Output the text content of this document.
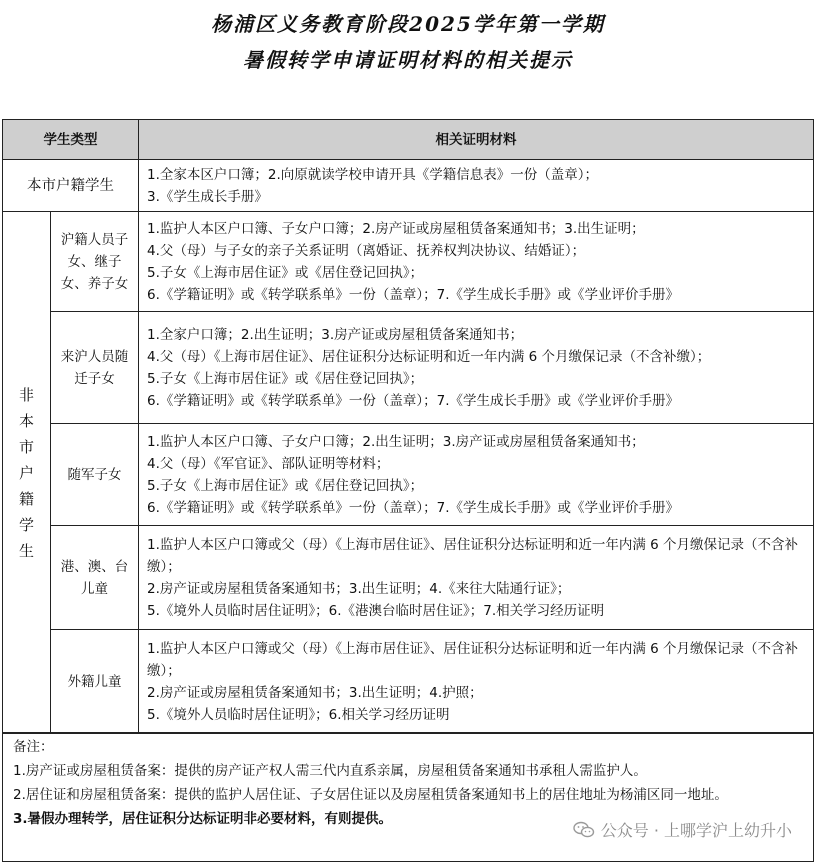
杨浦区义务教育阶段2025学年第一学期
暑假转学申请证明材料的相关提示
学生类型		相关证明材料
本市户籍学生		1.全家本区户口簿；2.向原就读学校申请开具《学籍信息表》一份（盖章）；
3.《学生成长手册》

非本市户籍学生	沪籍人员子女、继子女、养子女	1.监护人本区户口簿、子女户口簿；2.房产证或房屋租赁备案通知书；3.出生证明；
4.父（母）与子女的亲子关系证明（离婚证、抚养权判决协议、结婚证）；
5.子女《上海市居住证》或《居住登记回执》；
6.《学籍证明》或《转学联系单》一份（盖章）；7.《学生成长手册》或《学业评价手册》

	来沪人员随迁子女	1.全家户口簿；2.出生证明；3.房产证或房屋租赁备案通知书；
4.父（母）《上海市居住证》、居住证积分达标证明和近一年内满 6 个月缴保记录（不含补缴）；
5.子女《上海市居住证》或《居住登记回执》；
6.《学籍证明》或《转学联系单》一份（盖章）；7.《学生成长手册》或《学业评价手册》

	随军子女	1.监护人本区户口簿、子女户口簿；2.出生证明；3.房产证或房屋租赁备案通知书；
4.父（母）《军官证》、部队证明等材料；
5.子女《上海市居住证》或《居住登记回执》；
6.《学籍证明》或《转学联系单》一份（盖章）；7.《学生成长手册》或《学业评价手册》

	港、澳、台儿童	1.监护人本区户口簿或父（母）《上海市居住证》、居住证积分达标证明和近一年内满 6 个月缴保记录（不含补缴）；
2.房产证或房屋租赁备案通知书；3.出生证明；4.《来往大陆通行证》；
5.《境外人员临时居住证明》；6.《港澳台临时居住证》；7.相关学习经历证明

	外籍儿童	1.监护人本区户口簿或父（母）《上海市居住证》、居住证积分达标证明和近一年内满 6 个月缴保记录（不含补缴）；
2.房产证或房屋租赁备案通知书；3.出生证明；4.护照；
5.《境外人员临时居住证明》；6.相关学习经历证明
备注：
1.房产证或房屋租赁备案：提供的房产证产权人需三代内直系亲属，房屋租赁备案通知书承租人需监护人。
2.居住证和房屋租赁备案：提供的监护人居住证、子女居住证以及房屋租赁备案通知书上的居住地址为杨浦区同一地址。
3.暑假办理转学，居住证积分达标证明非必要材料，有则提供。
公众号 · 上哪学沪上幼升小
